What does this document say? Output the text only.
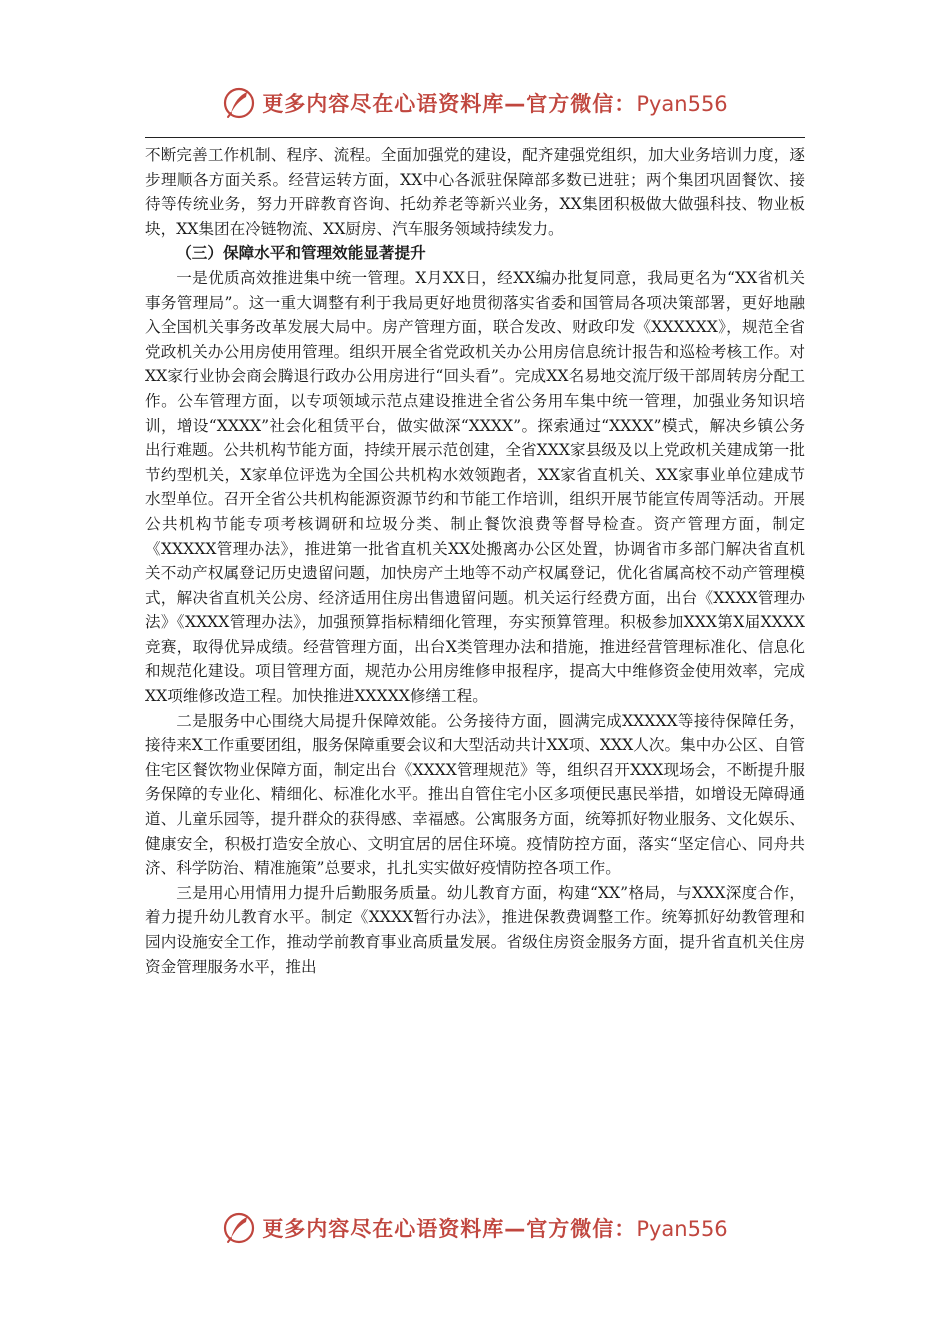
更多内容尽在心语资料库—官方微信：Pyan556

不断完善工作机制、程序、流程。全面加强党的建设，配齐建强党组织，加大业务培训力度，逐步理顺各方面关系。经营运转方面，XX中心各派驻保障部多数已进驻；两个集团巩固餐饮、接待等传统业务，努力开辟教育咨询、托幼养老等新兴业务，XX集团积极做大做强科技、物业板块，XX集团在冷链物流、XX厨房、汽车服务领域持续发力。

（三）保障水平和管理效能显著提升

一是优质高效推进集中统一管理。X月XX日，经XX编办批复同意，我局更名为“XX省机关事务管理局”。这一重大调整有利于我局更好地贯彻落实省委和国管局各项决策部署，更好地融入全国机关事务改革发展大局中。房产管理方面，联合发改、财政印发《XXXXXX》，规范全省党政机关办公用房使用管理。组织开展全省党政机关办公用房信息统计报告和巡检考核工作。对XX家行业协会商会腾退行政办公用房进行“回头看”。完成XX名易地交流厅级干部周转房分配工作。公车管理方面，以专项领域示范点建设推进全省公务用车集中统一管理，加强业务知识培训，增设“XXXX”社会化租赁平台，做实做深“XXXX”。探索通过“XXXX”模式，解决乡镇公务出行难题。公共机构节能方面，持续开展示范创建，全省XXX家县级及以上党政机关建成第一批节约型机关，X家单位评选为全国公共机构水效领跑者，XX家省直机关、XX家事业单位建成节水型单位。召开全省公共机构能源资源节约和节能工作培训，组织开展节能宣传周等活动。开展公共机构节能专项考核调研和垃圾分类、制止餐饮浪费等督导检查。资产管理方面，制定《XXXXX管理办法》，推进第一批省直机关XX处搬离办公区处置，协调省市多部门解决省直机关不动产权属登记历史遗留问题，加快房产土地等不动产权属登记，优化省属高校不动产管理模式，解决省直机关公房、经济适用住房出售遗留问题。机关运行经费方面，出台《XXXX管理办法》《XXXX管理办法》，加强预算指标精细化管理，夯实预算管理。积极参加XXX第X届XXXX竞赛，取得优异成绩。经营管理方面，出台X类管理办法和措施，推进经营管理标准化、信息化和规范化建设。项目管理方面，规范办公用房维修申报程序，提高大中维修资金使用效率，完成XX项维修改造工程。加快推进XXXXX修缮工程。

二是服务中心围绕大局提升保障效能。公务接待方面，圆满完成XXXXX等接待保障任务，接待来X工作重要团组，服务保障重要会议和大型活动共计XX项、XXX人次。集中办公区、自管住宅区餐饮物业保障方面，制定出台《XXXX管理规范》等，组织召开XXX现场会，不断提升服务保障的专业化、精细化、标准化水平。推出自管住宅小区多项便民惠民举措，如增设无障碍通道、儿童乐园等，提升群众的获得感、幸福感。公寓服务方面，统筹抓好物业服务、文化娱乐、健康安全，积极打造安全放心、文明宜居的居住环境。疫情防控方面，落实“坚定信心、同舟共济、科学防治、精准施策”总要求，扎扎实实做好疫情防控各项工作。

三是用心用情用力提升后勤服务质量。幼儿教育方面，构建“XX”格局，与XXX深度合作，着力提升幼儿教育水平。制定《XXXX暂行办法》，推进保教费调整工作。统筹抓好幼教管理和园内设施安全工作，推动学前教育事业高质量发展。省级住房资金服务方面，提升省直机关住房资金管理服务水平，推出

更多内容尽在心语资料库—官方微信：Pyan556
